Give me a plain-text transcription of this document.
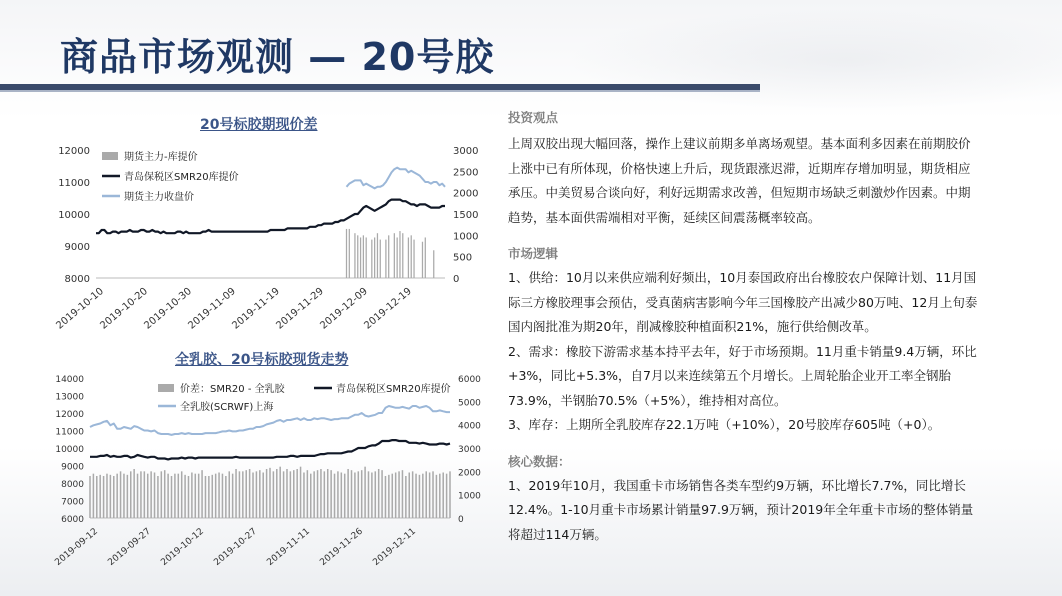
商品市场观测 — 20号胶
20号标胶期现价差
12000
11000
10000
9000
8000
3000
2500
2000
1500
1000
500
0
2019-10-10
2019-10-20
2019-10-30
2019-11-09
2019-11-19
2019-11-29
2019-12-09
2019-12-19
期货主力-库提价
青岛保税区SMR20库提价
期货主力收盘价
全乳胶、20号标胶现货走势
14000
13000
12000
11000
10000
9000
8000
7000
6000
6000
5000
4000
3000
2000
1000
0
2019-09-12 2019-09-27 2019-10-12 2019-10-27 2019-11-11 2019-11-26 2019-12-11
价差：SMR20 - 全乳胶	青岛保税区SMR20库提价
全乳胶(SCRWF)上海

投资观点

上周双胶出现大幅回落，操作上建议前期多单离场观望。基本面利多因素在前期胶价上涨中已有所体现，价格快速上升后，现货跟涨迟滞，近期库存增加明显，期货相应承压。中美贸易合谈向好，利好远期需求改善，但短期市场缺乏刺激炒作因素。中期趋势，基本面供需端相对平衡，延续区间震荡概率较高。

市场逻辑

1、供给：10月以来供应端利好频出，10月泰国政府出台橡胶农户保障计划、11月国际三方橡胶理事会预估，受真菌病害影响今年三国橡胶产出减少80万吨、12月上旬泰国内阁批准为期20年，削减橡胶种植面积21%，施行供给侧改革。

2、需求：橡胶下游需求基本持平去年，好于市场预期。11月重卡销量9.4万辆，环比+3%，同比+5.3%，自7月以来连续第五个月增长。上周轮胎企业开工率全钢胎73.9%，半钢胎70.5%（+5%），维持相对高位。

3、库存：上期所全乳胶库存22.1万吨（+10%），20号胶库存605吨（+0）。

核心数据：

1、2019年10月，我国重卡市场销售各类车型约9万辆，环比增长7.7%，同比增长12.4%。1-10月重卡市场累计销量97.9万辆，预计2019年全年重卡市场的整体销量将超过114万辆。
